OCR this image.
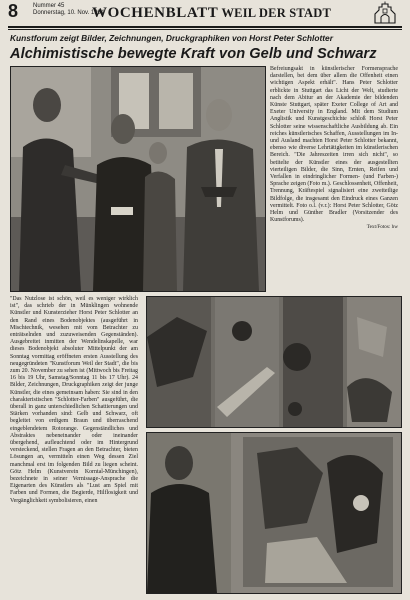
8 Nummer 45
Donnerstag, 10. Nov. 1994
WOCHENBLATT WEIL DER STADT
Kunstforum zeigt Bilder, Zeichnungen, Druckgraphiken von Horst Peter Schlotter
Alchimistische bewegte Kraft von Gelb und Schwarz

Befreiungsakt in künstlerischer Formensprache darstellen, bei dem über allem die Offenheit einen wichtigen Aspekt erhält". Hans Peter Schlotter erblickte in Stuttgart das Licht der Welt, studierte nach dem Abitur an der Akademie der bildenden Künste Stuttgart, später Exeter College of Art and Exeter University in England. Mit dem Studium Anglistik und Kunstgeschichte schloß Horst Peter Schlotter seine wissenschaftliche Ausbildung ab. Ein reiches künstlerisches Schaffen, Ausstellungen im In- und Ausland machten Horst Peter Schlotter bekannt, ebenso wie diverse Lehrtätigkeiten im künstlerischen Bereich. "Die Jahreszeiten irren sich nicht", so betitelte der Künstler eines der ausgestellten vierteiligen Bilder, die Sinn, Ernten, Reifen und Verfallen in eindringlicher Formen- (und Farben-) Sprache zeigen (Foto m.). Geschlossenheit, Offenheit, Trennung, Kräftespiel signalisiert eine zweiteilige Bildfolge, die insgesamt den Eindruck eines Ganzen vermittelt. Foto o.l. (v.r.): Horst Peter Schlotter, Götz Helm und Günther Bradler (Vorsitzender des Kunstforums).

Text/Fotos: hw

"Das Nutzlose ist schön, weil es weniger wirklich ist", das schrieb der in Münklingen wohnende Künstler und Kunsterzieher Horst Peter Schlotter an den Rand eines Bodenobjektes (ausgeführt in Mischtechnik, wesehen mit vom Betrachter zu enträtselnden und zuzuweisenden Gegenständen). Ausgebreitet inmitten der Wendelinskapelle, war dieses Bodenobjekt absoluter Mittelpunkt der am Sonntag vormittag eröffneten ersten Ausstellung des neugegründeten "Kunstforum Weil der Stadt", die bis zum 20. November zu sehen ist (Mittwoch bis Freitag 16 bis 19 Uhr, Samstag/Sonntag 11 bis 17 Uhr). 24 Bilder, Zeichnungen, Druckgraphiken zeigt der junge Künstler, die eines gemeinsam haben: Sie sind in den charakteristischen "Schlotter-Farben" ausgeführt, die überall in ganz unterschiedlichen Schattierungen und Stärken vorhanden sind: Gelb und Schwarz, oft begleitet von erdigem Braun und überraschend eingeblendetem Rotorange. Gegenständliches und Abstraktes nebeneinander oder ineinander übergehend, aufleuchtend oder im Hintergrund versteckend, stellen Fragen an den Betrachter, bieten Lösungen an, vermitteln einen Weg dessen Ziel manchmal erst im folgenden Bild zu liegen scheint. Götz Helm (Kunstverein Korntal-Münchingen), bezeichnete in seiner Vernissage-Ansprache die Eigenarten des Künstlers als "Lust am Spiel mit Farben und Formen, die Begierde, Hilflosigkeit und Vergänglichkeit symbolisieren, einen
